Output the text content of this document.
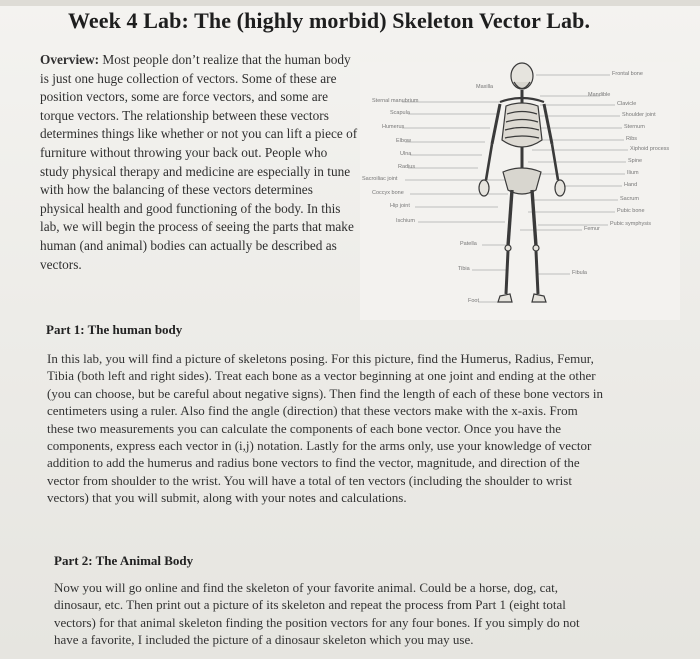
Week 4 Lab: The (highly morbid) Skeleton Vector Lab.
Overview: Most people don’t realize that the human body is just one huge collection of vectors. Some of these are position vectors, some are force vectors, and some are torque vectors. The relationship between these vectors determines things like whether or not you can lift a piece of furniture without throwing your back out. People who study physical therapy and medicine are especially in tune with how the balancing of these vectors determines physical health and good functioning of the body. In this lab, we will begin the process of seeing the parts that make human (and animal) bodies can actually be described as vectors.
Sternal manubrium
Scapula
Humerus
Elbow
Ulna
Radius
Sacroiliac joint
Coccyx bone
Hip joint
Ischium
Maxilla
Frontal bone
Mandible
Clavicle
Shoulder joint
Sternum
Ribs
Xiphoid process
Spine
Ilium
Hand
Sacrum
Pubic bone
Pubic symphysis
Femur
Patella
Tibia
Fibula
Foot
Part 1: The human body
In this lab, you will find a picture of skeletons posing. For this picture, find the Humerus, Radius, Femur, Tibia (both left and right sides). Treat each bone as a vector beginning at one joint and ending at the other (you can choose, but be careful about negative signs). Then find the length of each of these bone vectors in centimeters using a ruler. Also find the angle (direction) that these vectors make with the x-axis. From these two measurements you can calculate the components of each bone vector. Once you have the components, express each vector in (i,j) notation. Lastly for the arms only, use your knowledge of vector addition to add the humerus and radius bone vectors to find the vector, magnitude, and direction of the vector from shoulder to the wrist. You will have a total of ten vectors (including the shoulder to wrist vectors) that you will submit, along with your notes and calculations.
Part 2: The Animal Body
Now you will go online and find the skeleton of your favorite animal. Could be a horse, dog, cat, dinosaur, etc. Then print out a picture of its skeleton and repeat the process from Part 1 (eight total vectors) for that animal skeleton finding the position vectors for any four bones. If you simply do not have a favorite, I included the picture of a dinosaur skeleton which you may use.
